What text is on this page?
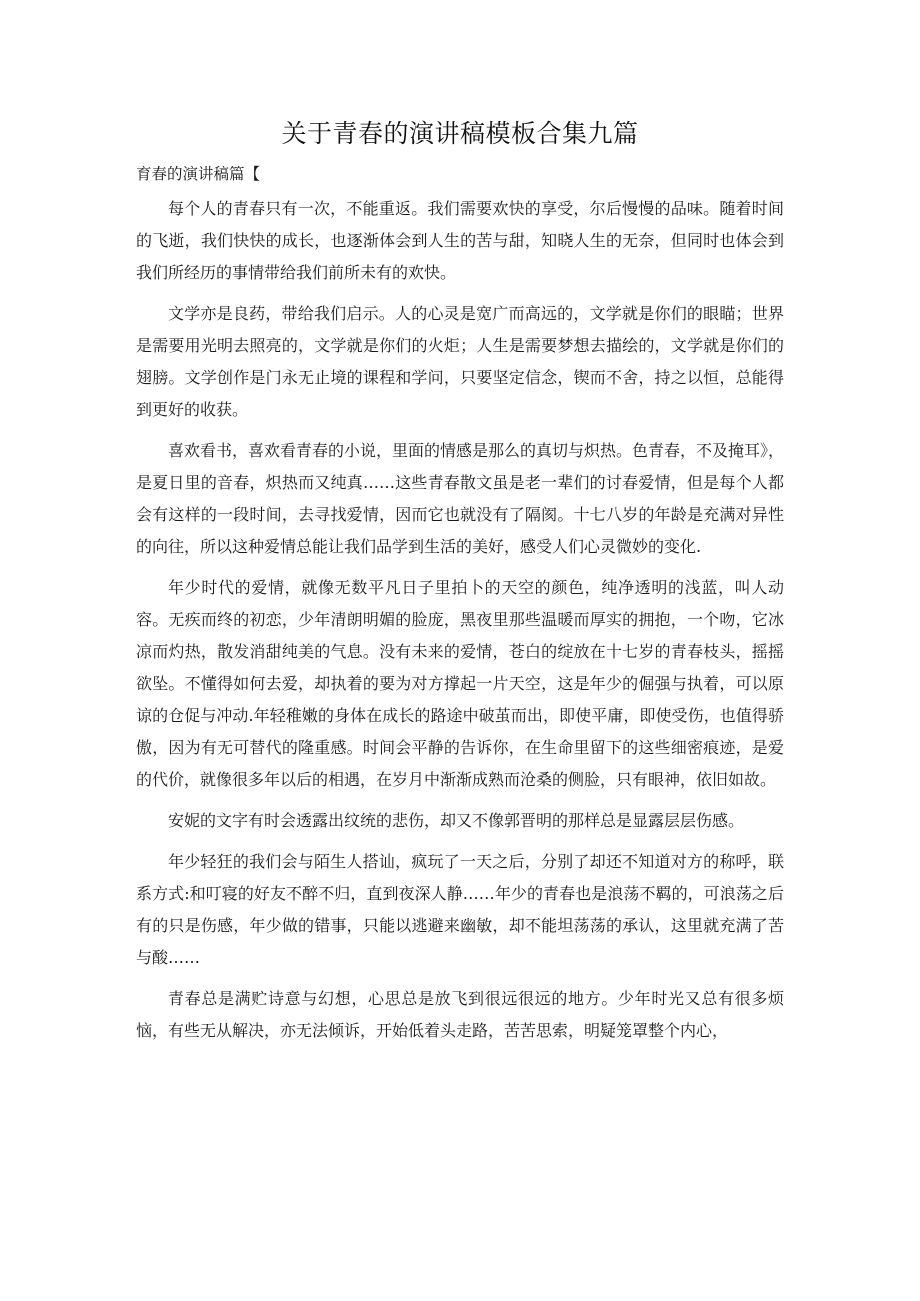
关于青春的演讲稿模板合集九篇
育春的演讲稿篇【

每个人的青春只有一次，不能重返。我们需要欢快的享受，尔后慢慢的品味。随着时间的飞逝，我们快快的成长，也逐渐体会到人生的苦与甜，知晓人生的无奈，但同时也体会到我们所经历的事情带给我们前所未有的欢快。

文学亦是良药，带给我们启示。人的心灵是宽广而高远的，文学就是你们的眼瞄；世界是需要用光明去照亮的，文学就是你们的火炬；人生是需要梦想去描绘的，文学就是你们的翅膀。文学创作是门永无止境的课程和学问，只要坚定信念，锲而不舍，持之以恒，总能得到更好的收获。

喜欢看书，喜欢看青春的小说，里面的情感是那么的真切与炽热。色青春，不及掩耳》，是夏日里的音春，炽热而又纯真……这些青春散文虽是老一辈们的讨春爱情，但是每个人都会有这样的一段时间，去寻找爱情，因而它也就没有了隔阂。十七八岁的年龄是充满对异性的向往，所以这种爱情总能让我们品学到生活的美好，感受人们心灵微妙的变化.

年少时代的爱情，就像无数平凡日子里拍卜的天空的颜色，纯净透明的浅蓝，叫人动容。无疾而终的初恋，少年清朗明媚的脸庞，黑夜里那些温暖而厚实的拥抱，一个吻，它冰凉而灼热，散发消甜纯美的气息。没有未来的爱情，苍白的绽放在十七岁的青春枝头，摇摇欲坠。不懂得如何去爱，却执着的要为对方撑起一片天空，这是年少的倔强与执着，可以原谅的仓促与冲动.年轻稚嫩的身体在成长的路途中破茧而出，即使平庸，即使受伤，也值得骄傲，因为有无可替代的隆重感。时间会平静的告诉你，在生命里留下的这些细密痕迹，是爱的代价，就像很多年以后的相遇，在岁月中渐渐成熟而沧桑的侧脸，只有眼神，依旧如故。

安妮的文字有时会透露出纹统的悲伤，却又不像郭晋明的那样总是显露层层伤感。

年少轻狂的我们会与陌生人搭讪，疯玩了一天之后，分别了却还不知道对方的称呼，联系方式:和叮寝的好友不醉不归，直到夜深人静……年少的青春也是浪荡不羁的，可浪荡之后有的只是伤感，年少做的错事，只能以逃避来幽敏，却不能坦荡荡的承认，这里就充满了苦与酸……

青春总是满贮诗意与幻想，心思总是放飞到很远很远的地方。少年时光又总有很多烦恼，有些无从解决，亦无法倾诉，开始低着头走路，苦苦思索，明疑笼罩整个内心，
